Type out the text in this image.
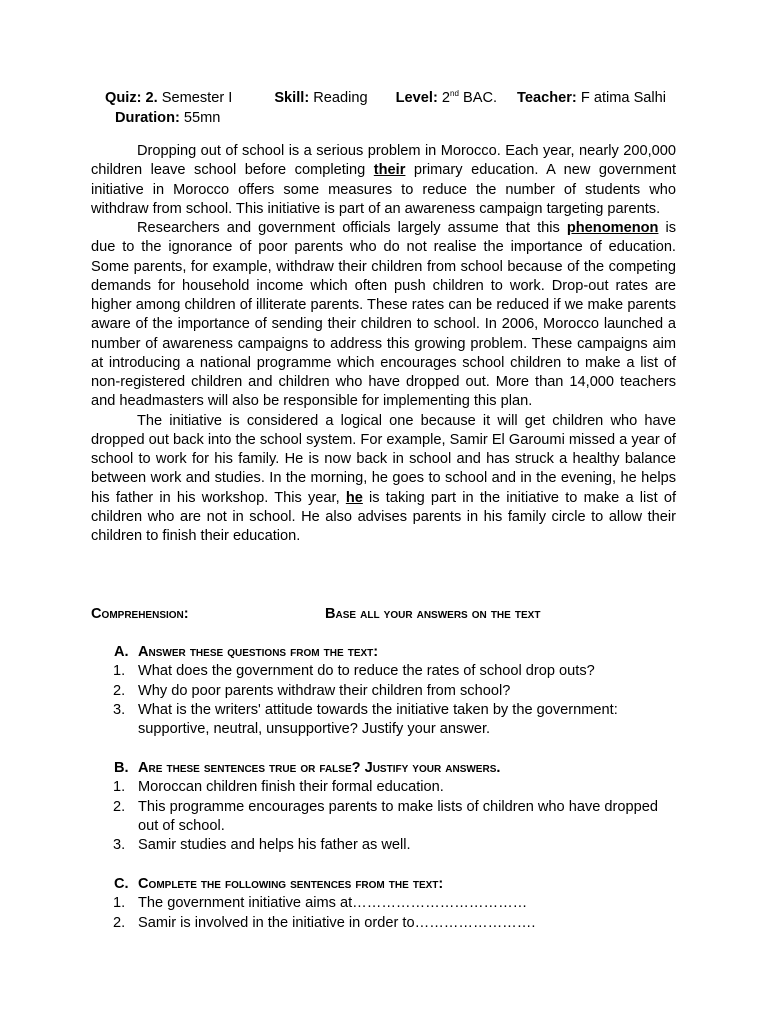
Quiz: 2. Semester I	Skill: Reading Level: 2nd BAC. Teacher: F atima SalhiDuration: 55mn

Dropping out of school is a serious problem in Morocco. Each year, nearly 200,000 children leave school before completing their primary education. A new government initiative in Morocco offers some measures to reduce the number of students who withdraw from school. This initiative is part of an awareness campaign targeting parents.

Researchers and government officials largely assume that this phenomenon is due to the ignorance of poor parents who do not realise the importance of education. Some parents, for example, withdraw their children from school because of the competing demands for household income which often push children to work. Drop-out rates are higher among children of illiterate parents. These rates can be reduced if we make parents aware of the importance of sending their children to school. In 2006, Morocco launched a number of awareness campaigns to address this growing problem. These campaigns aim at introducing a national programme which encourages school children to make a list of non-registered children and children who have dropped out. More than 14,000 teachers and headmasters will also be responsible for implementing this plan.

The initiative is considered a logical one because it will get children who have dropped out back into the school system. For example, Samir El Garoumi missed a year of school to work for his family. He is now back in school and has struck a healthy balance between work and studies. In the morning, he goes to school and in the evening, he helps his father in his workshop. This year, he is taking part in the initiative to make a list of children who are not in school. He also advises parents in his family circle to allow their children to finish their education.

Comprehension:	Base all your answers on the text
A. Answer these questions from the text:
1. What does the government do to reduce the rates of school drop outs?
2. Why do poor parents withdraw their children from school?
3. What is the writers' attitude towards the initiative taken by the government: supportive, neutral, unsupportive? Justify your answer.
B. Are these sentences true or false? Justify your answers.
1. Moroccan children finish their formal education.
2. This programme encourages parents to make lists of children who have dropped out of school.
3. Samir studies and helps his father as well.
C. Complete the following sentences from the text:
1. The government initiative aims at………………………………
2. Samir is involved in the initiative in order to…………………….
